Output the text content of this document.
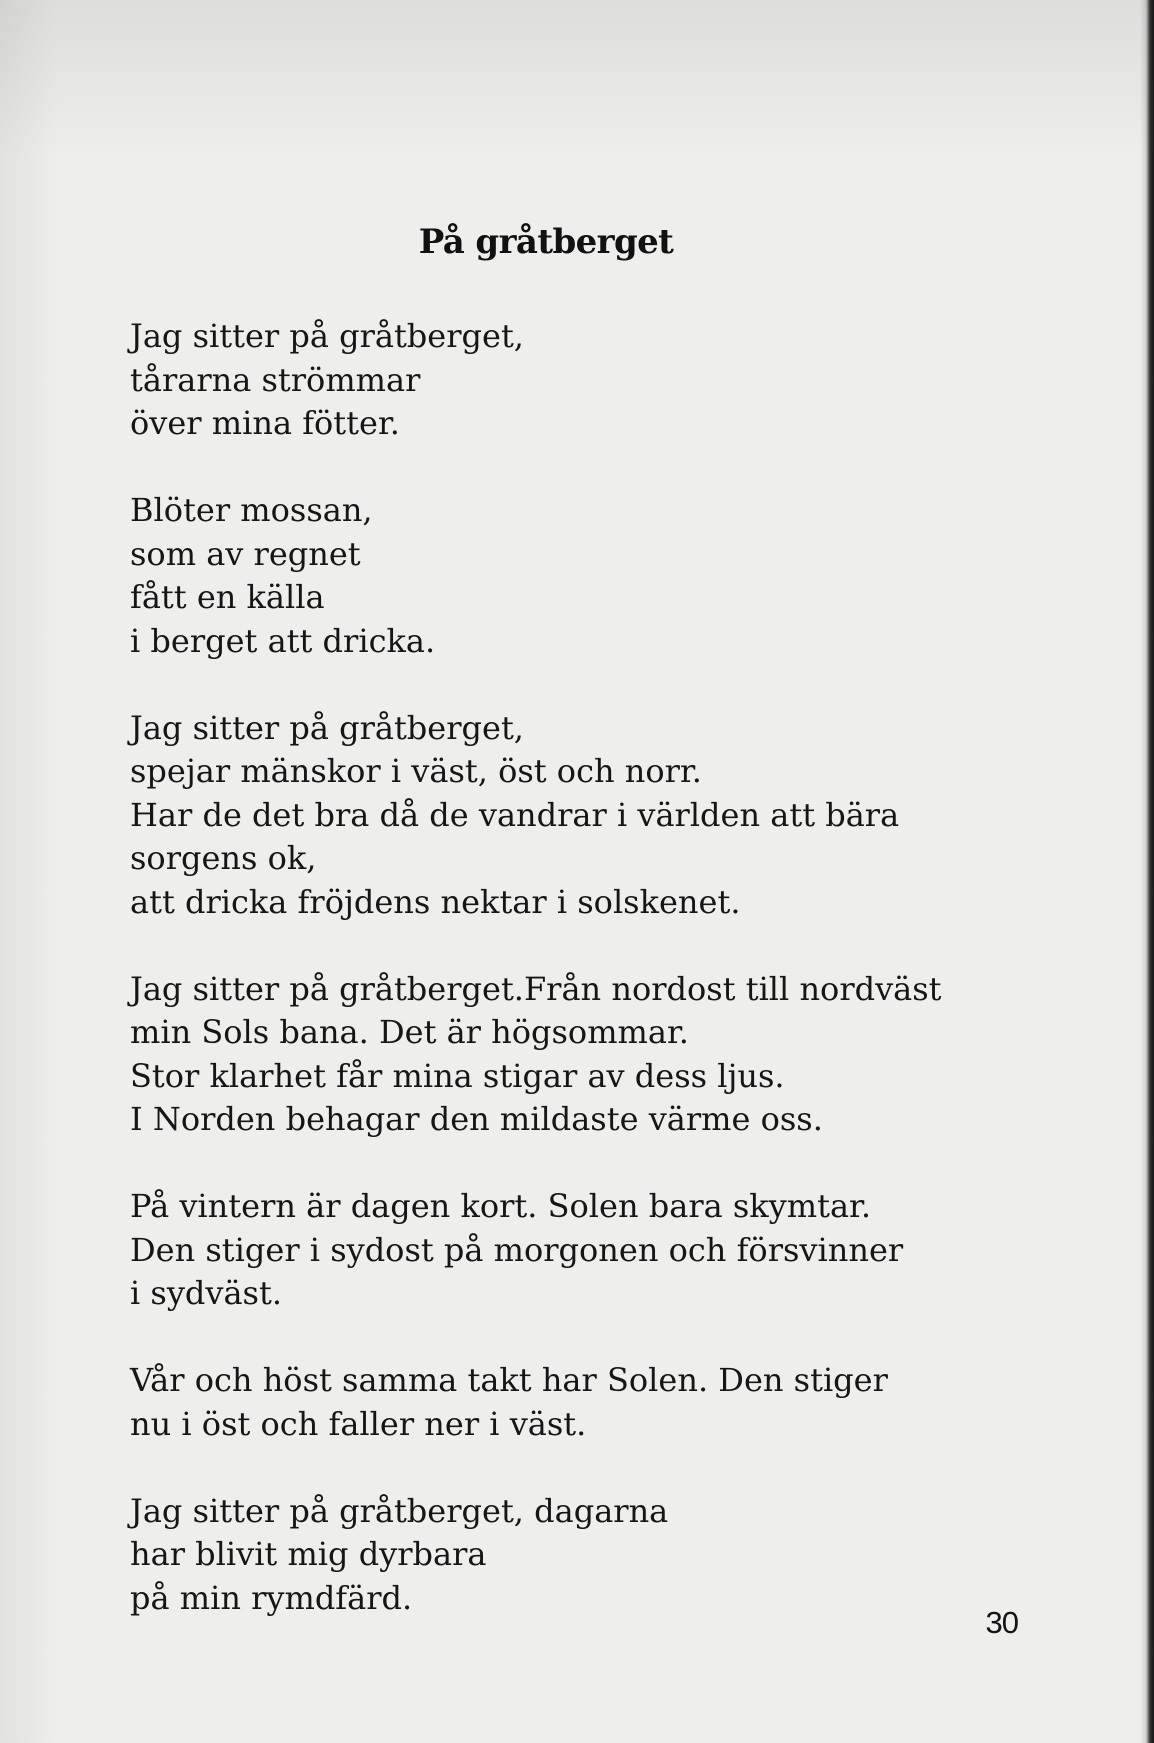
På gråtberget
Jag sitter på gråtberget,
tårarna strömmar
över mina fötter.
Blöter mossan,
som av regnet
fått en källa
i berget att dricka.
Jag sitter på gråtberget,
spejar mänskor i väst, öst och norr.
Har de det bra då de vandrar i världen att bära
sorgens ok,
att dricka fröjdens nektar i solskenet.
Jag sitter på gråtberget.Från nordost till nordväst
min Sols bana. Det är högsommar.
Stor klarhet får mina stigar av dess ljus.
I Norden behagar den mildaste värme oss.
På vintern är dagen kort. Solen bara skymtar.
Den stiger i sydost på morgonen och försvinner
i sydväst.
Vår och höst samma takt har Solen. Den stiger
nu i öst och faller ner i väst.
Jag sitter på gråtberget, dagarna
har blivit mig dyrbara
på min rymdfärd.
30
